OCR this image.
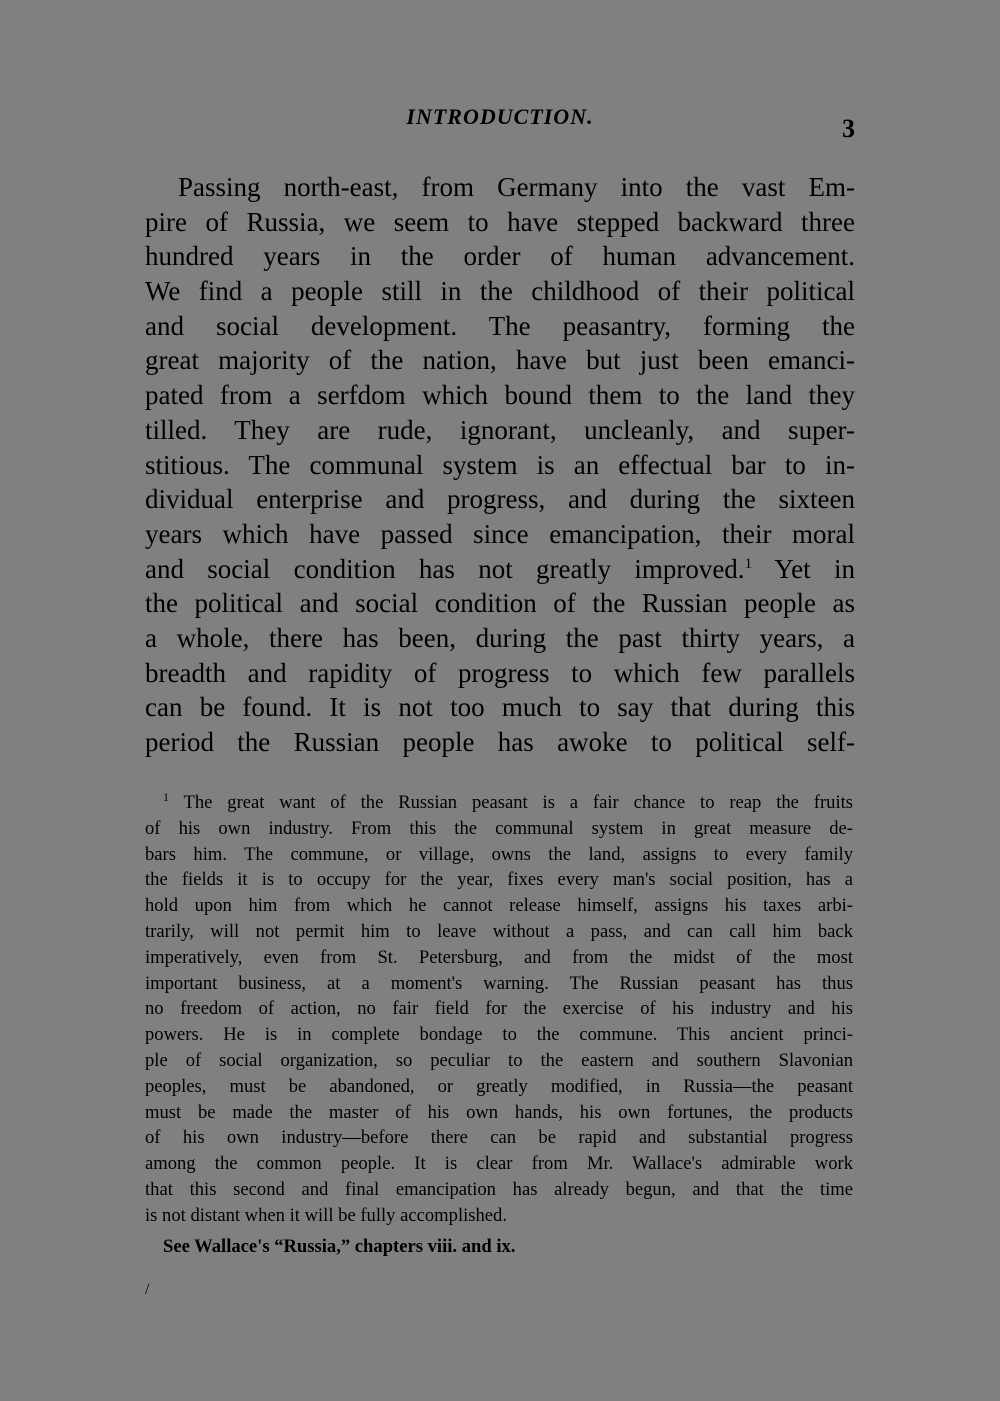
INTRODUCTION.	3
Passing north-east, from Germany into the vast Em-
pire of Russia, we seem to have stepped backward three
hundred years in the order of human advancement.
We find a people still in the childhood of their political
and social development. The peasantry, forming the
great majority of the nation, have but just been emanci-
pated from a serfdom which bound them to the land they
tilled. They are rude, ignorant, uncleanly, and super-
stitious. The communal system is an effectual bar to in-
dividual enterprise and progress, and during the sixteen
years which have passed since emancipation, their moral
and social condition has not greatly improved.$^1$ Yet in
the political and social condition of the Russian people as
a whole, there has been, during the past thirty years, a
breadth and rapidity of progress to which few parallels
can be found. It is not too much to say that during this
period the Russian people has awoke to political self-
$^1$ The great want of the Russian peasant is a fair chance to reap the fruits
of his own industry. From this the communal system in great measure de-
bars him. The commune, or village, owns the land, assigns to every family
the fields it is to occupy for the year, fixes every man's social position, has a
hold upon him from which he cannot release himself, assigns his taxes arbi-
trarily, will not permit him to leave without a pass, and can call him back
imperatively, even from St. Petersburg, and from the midst of the most
important business, at a moment's warning. The Russian peasant has thus
no freedom of action, no fair field for the exercise of his industry and his
powers. He is in complete bondage to the commune. This ancient princi-
ple of social organization, so peculiar to the eastern and southern Slavonian
peoples, must be abandoned, or greatly modified, in Russia—the peasant
must be made the master of his own hands, his own fortunes, the products
of his own industry—before there can be rapid and substantial progress
among the common people. It is clear from Mr. Wallace's admirable work
that this second and final emancipation has already begun, and that the time
is not distant when it will be fully accomplished.
See Wallace's “Russia,” chapters viii. and ix.
/
